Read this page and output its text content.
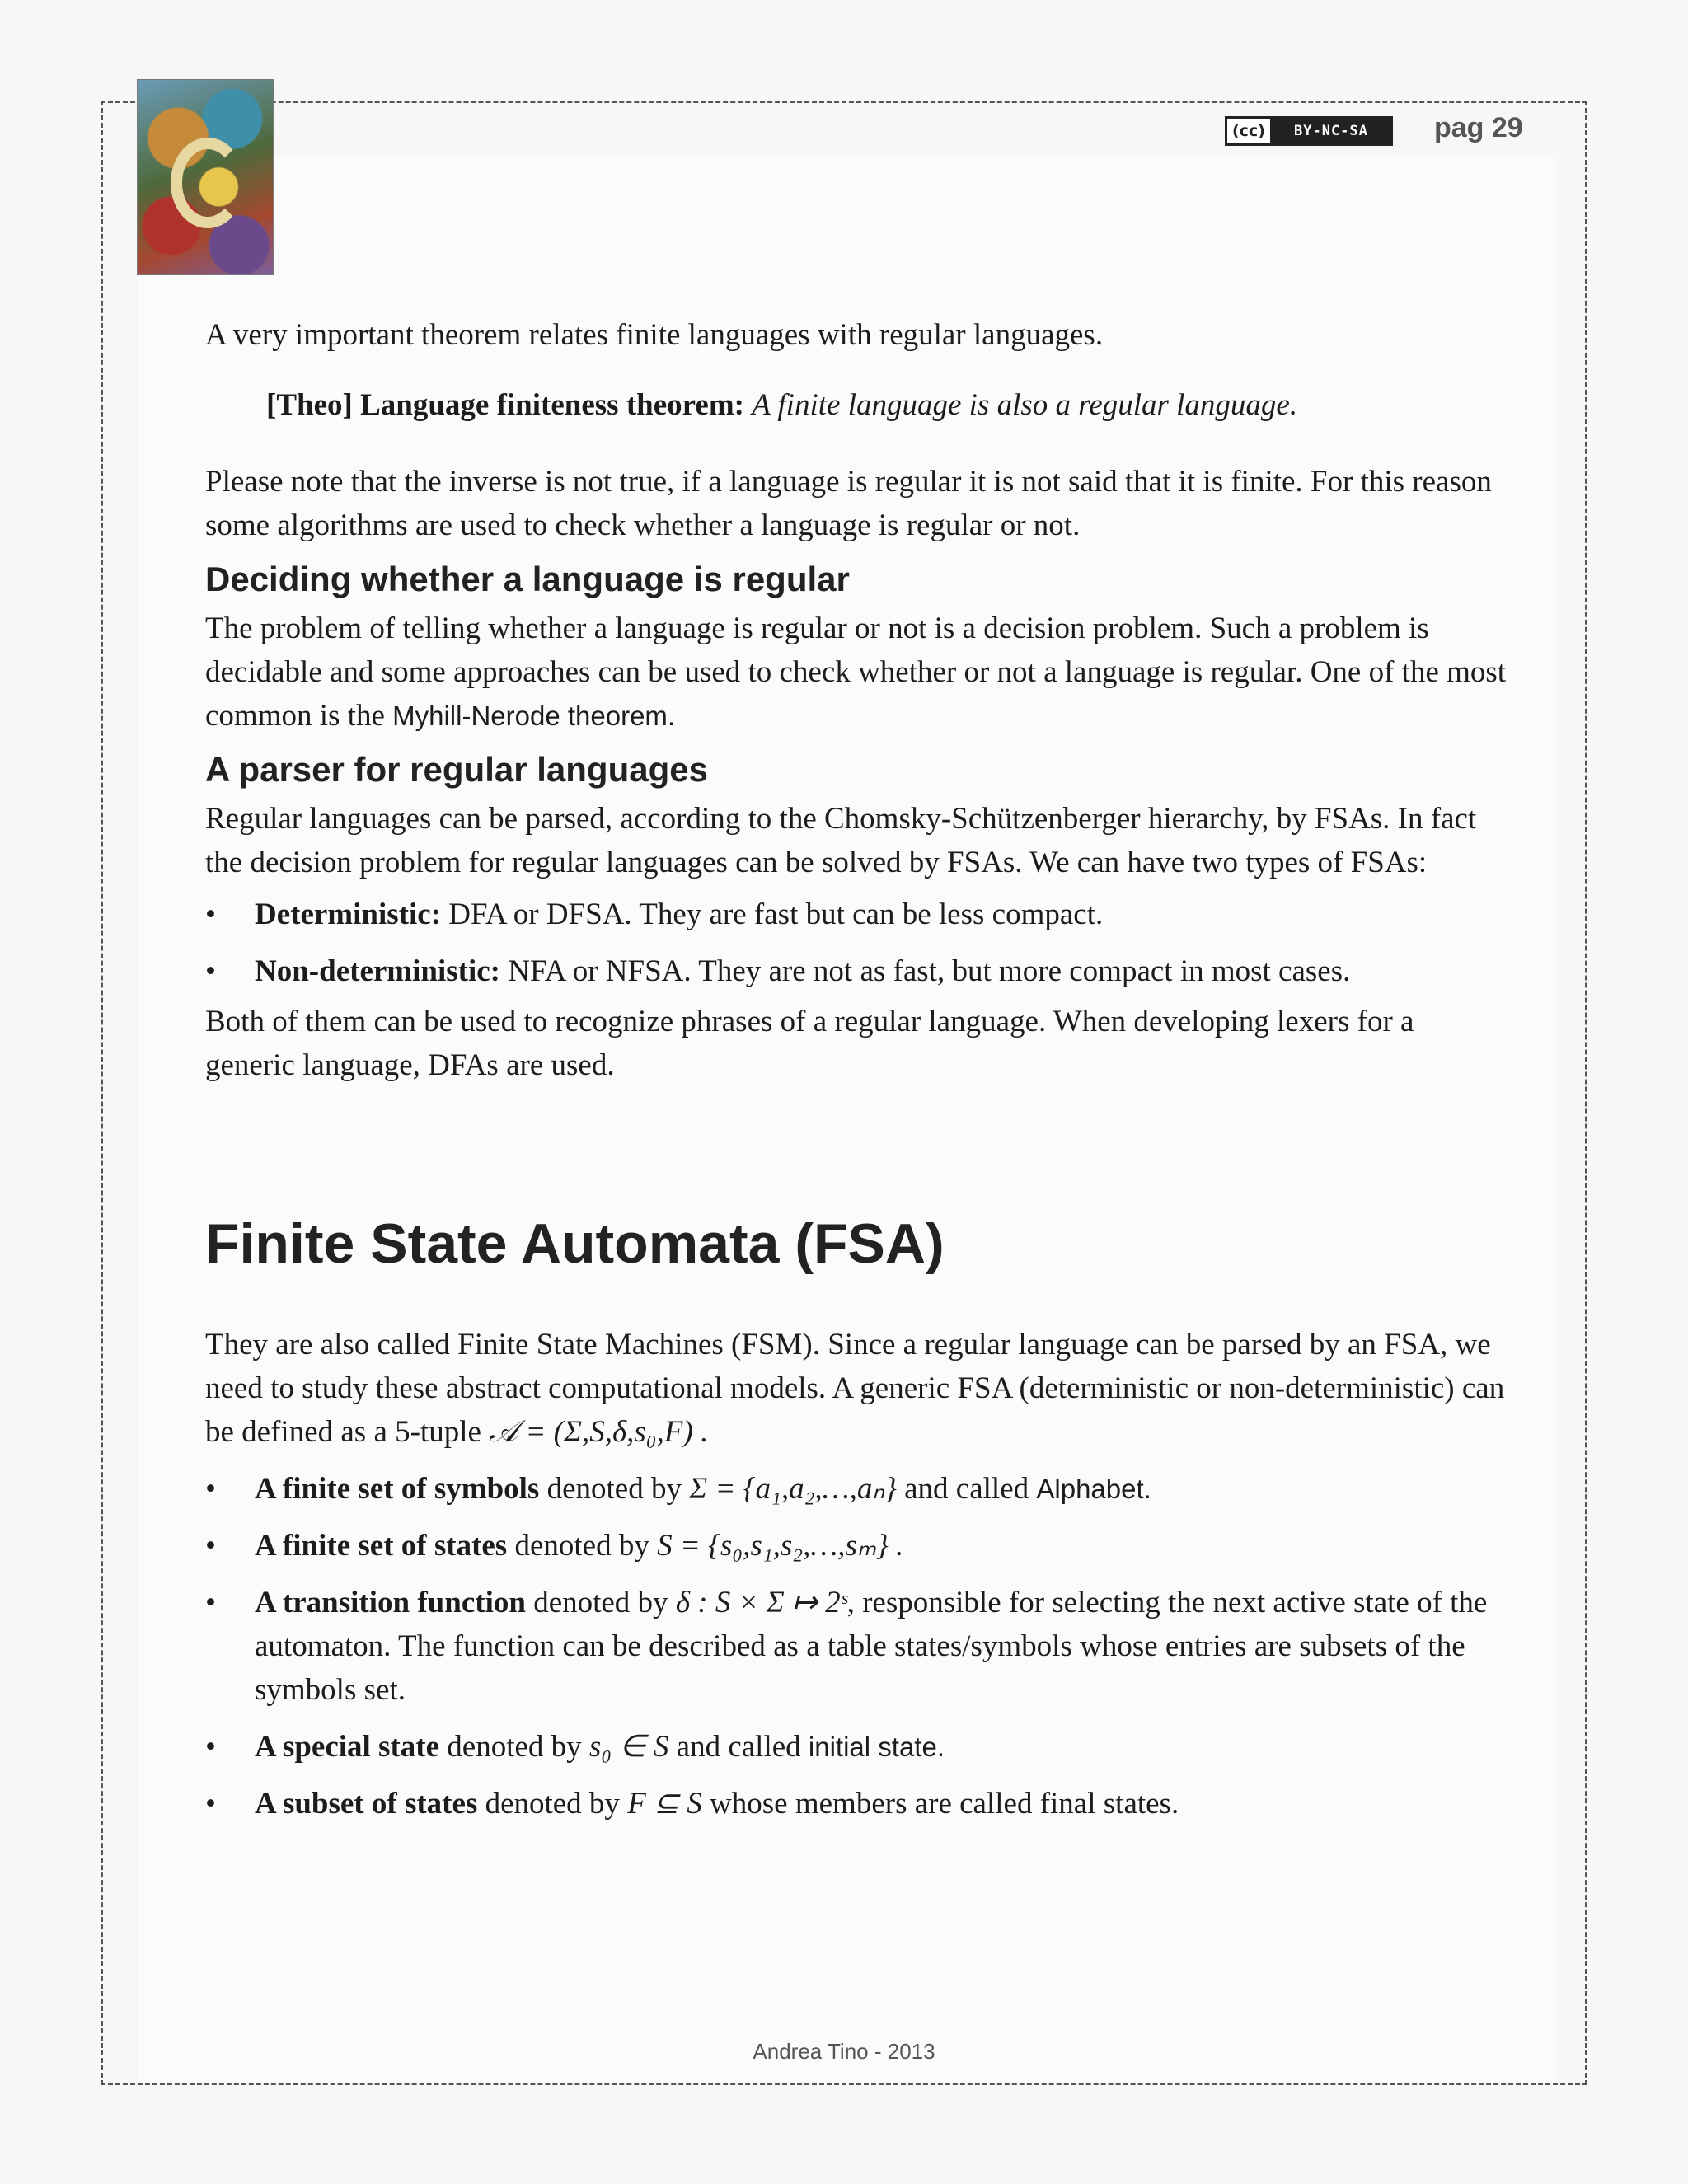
(cc)	BY-NC-SA	pag 29

A very important theorem relates finite languages with regular languages.

[Theo] Language finiteness theorem: A finite language is also a regular language.

Please note that the inverse is not true, if a language is regular it is not said that it is finite. For this reason some algorithms are used to check whether a language is regular or not.

Deciding whether a language is regular

The problem of telling whether a language is regular or not is a decision problem. Such a problem is decidable and some approaches can be used to check whether or not a language is regular. One of the most common is the Myhill-Nerode theorem.

A parser for regular languages

Regular languages can be parsed, according to the Chomsky-Schützenberger hierarchy, by FSAs. In fact the decision problem for regular languages can be solved by FSAs. We can have two types of FSAs:

• Deterministic: DFA or DFSA. They are fast but can be less compact.
• Non-deterministic: NFA or NFSA. They are not as fast, but more compact in most cases.

Both of them can be used to recognize phrases of a regular language. When developing lexers for a generic language, DFAs are used.

Finite State Automata (FSA)

They are also called Finite State Machines (FSM). Since a regular language can be parsed by an FSA, we need to study these abstract computational models. A generic FSA (deterministic or non-deterministic) can be defined as a 5-tuple 𝒜 = (Σ,S,δ,s₀,F) .

• A finite set of symbols denoted by Σ = {a₁,a₂,…,aₙ} and called Alphabet.
• A finite set of states denoted by S = {s₀,s₁,s₂,…,sₘ} .
• A transition function denoted by δ : S × Σ ↦ 2ˢ, responsible for selecting the next active state of the automaton. The function can be described as a table states/symbols whose entries are subsets of the symbols set.
• A special state denoted by s₀ ∈ S and called initial state.
• A subset of states denoted by F ⊆ S whose members are called final states.
Andrea Tino - 2013
